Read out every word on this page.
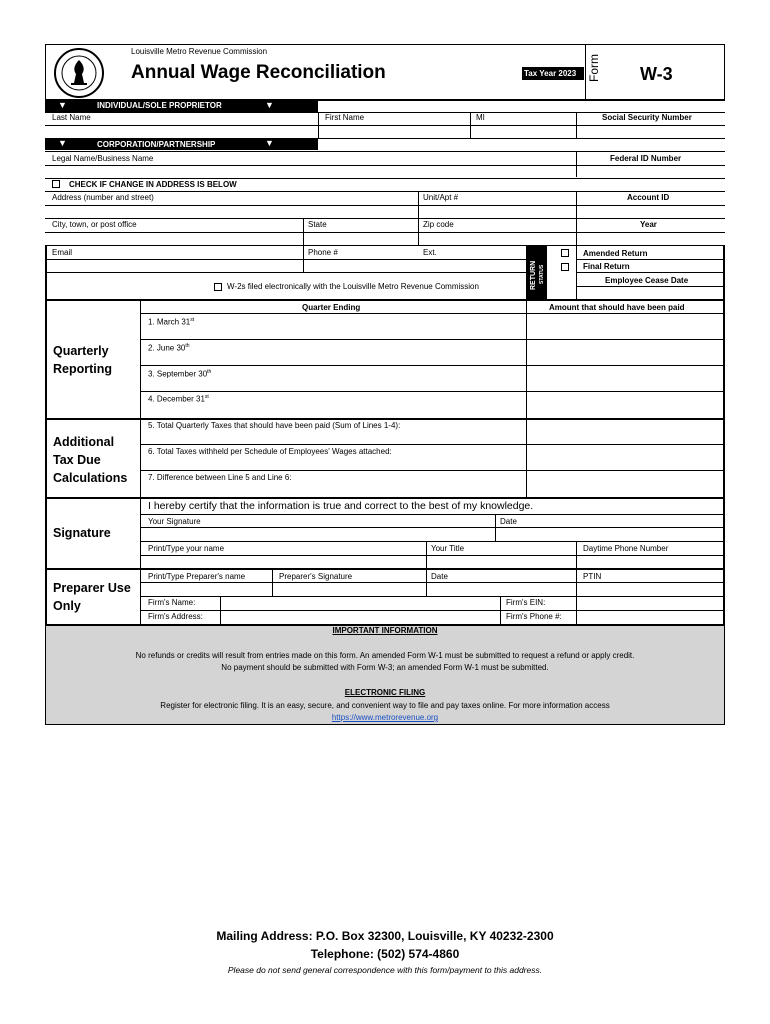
Louisville Metro Revenue Commission
Annual Wage Reconciliation	Tax Year 2023 Form W-3
▼	INDIVIDUAL/SOLE PROPRIETOR	▼
Last Name	First Name	MI	Social Security Number
▼	CORPORATION/PARTNERSHIP	▼
Legal Name/Business Name	Federal ID Number
CHECK IF CHANGE IN ADDRESS IS BELOW
Address (number and street)	Unit/Apt #	Account ID
City, town, or post office	State	Zip code	Year
Email	Phone #	Ext.
RETURN STATUS
Amended Return
Final Return
Employee Cease Date
W-2s filed electronically with the Louisville Metro Revenue Commission
Quarter Ending	Amount that should have been paid
Quarterly
Reporting
1. March 31st
2. June 30th
3. September 30th
4. December 31st
Additional
Tax Due
Calculations
5. Total Quarterly Taxes that should have been paid (Sum of Lines 1-4):
6. Total Taxes withheld per Schedule of Employees' Wages attached:
7. Difference between Line 5 and Line 6:
Signature
I hereby certify that the information is true and correct to the best of my knowledge.
Your Signature	Date
Print/Type your name	Your Title	Daytime Phone Number
Preparer Use
Only
Print/Type Preparer's name	Preparer's Signature	Date	PTIN
Firm's Name:	Firm's EIN:
Firm's Address:	Firm's Phone #:
IMPORTANT INFORMATION
No refunds or credits will result from entries made on this form. An amended Form W-1 must be submitted to request a refund or apply credit.
No payment should be submitted with Form W-3; an amended Form W-1 must be submitted.
ELECTRONIC FILING
Register for electronic filing. It is an easy, secure, and convenient way to file and pay taxes online. For more information access
https://www.metrorevenue.org
Mailing Address: P.O. Box 32300, Louisville, KY 40232-2300
Telephone: (502) 574-4860
Please do not send general correspondence with this form/payment to this address.
